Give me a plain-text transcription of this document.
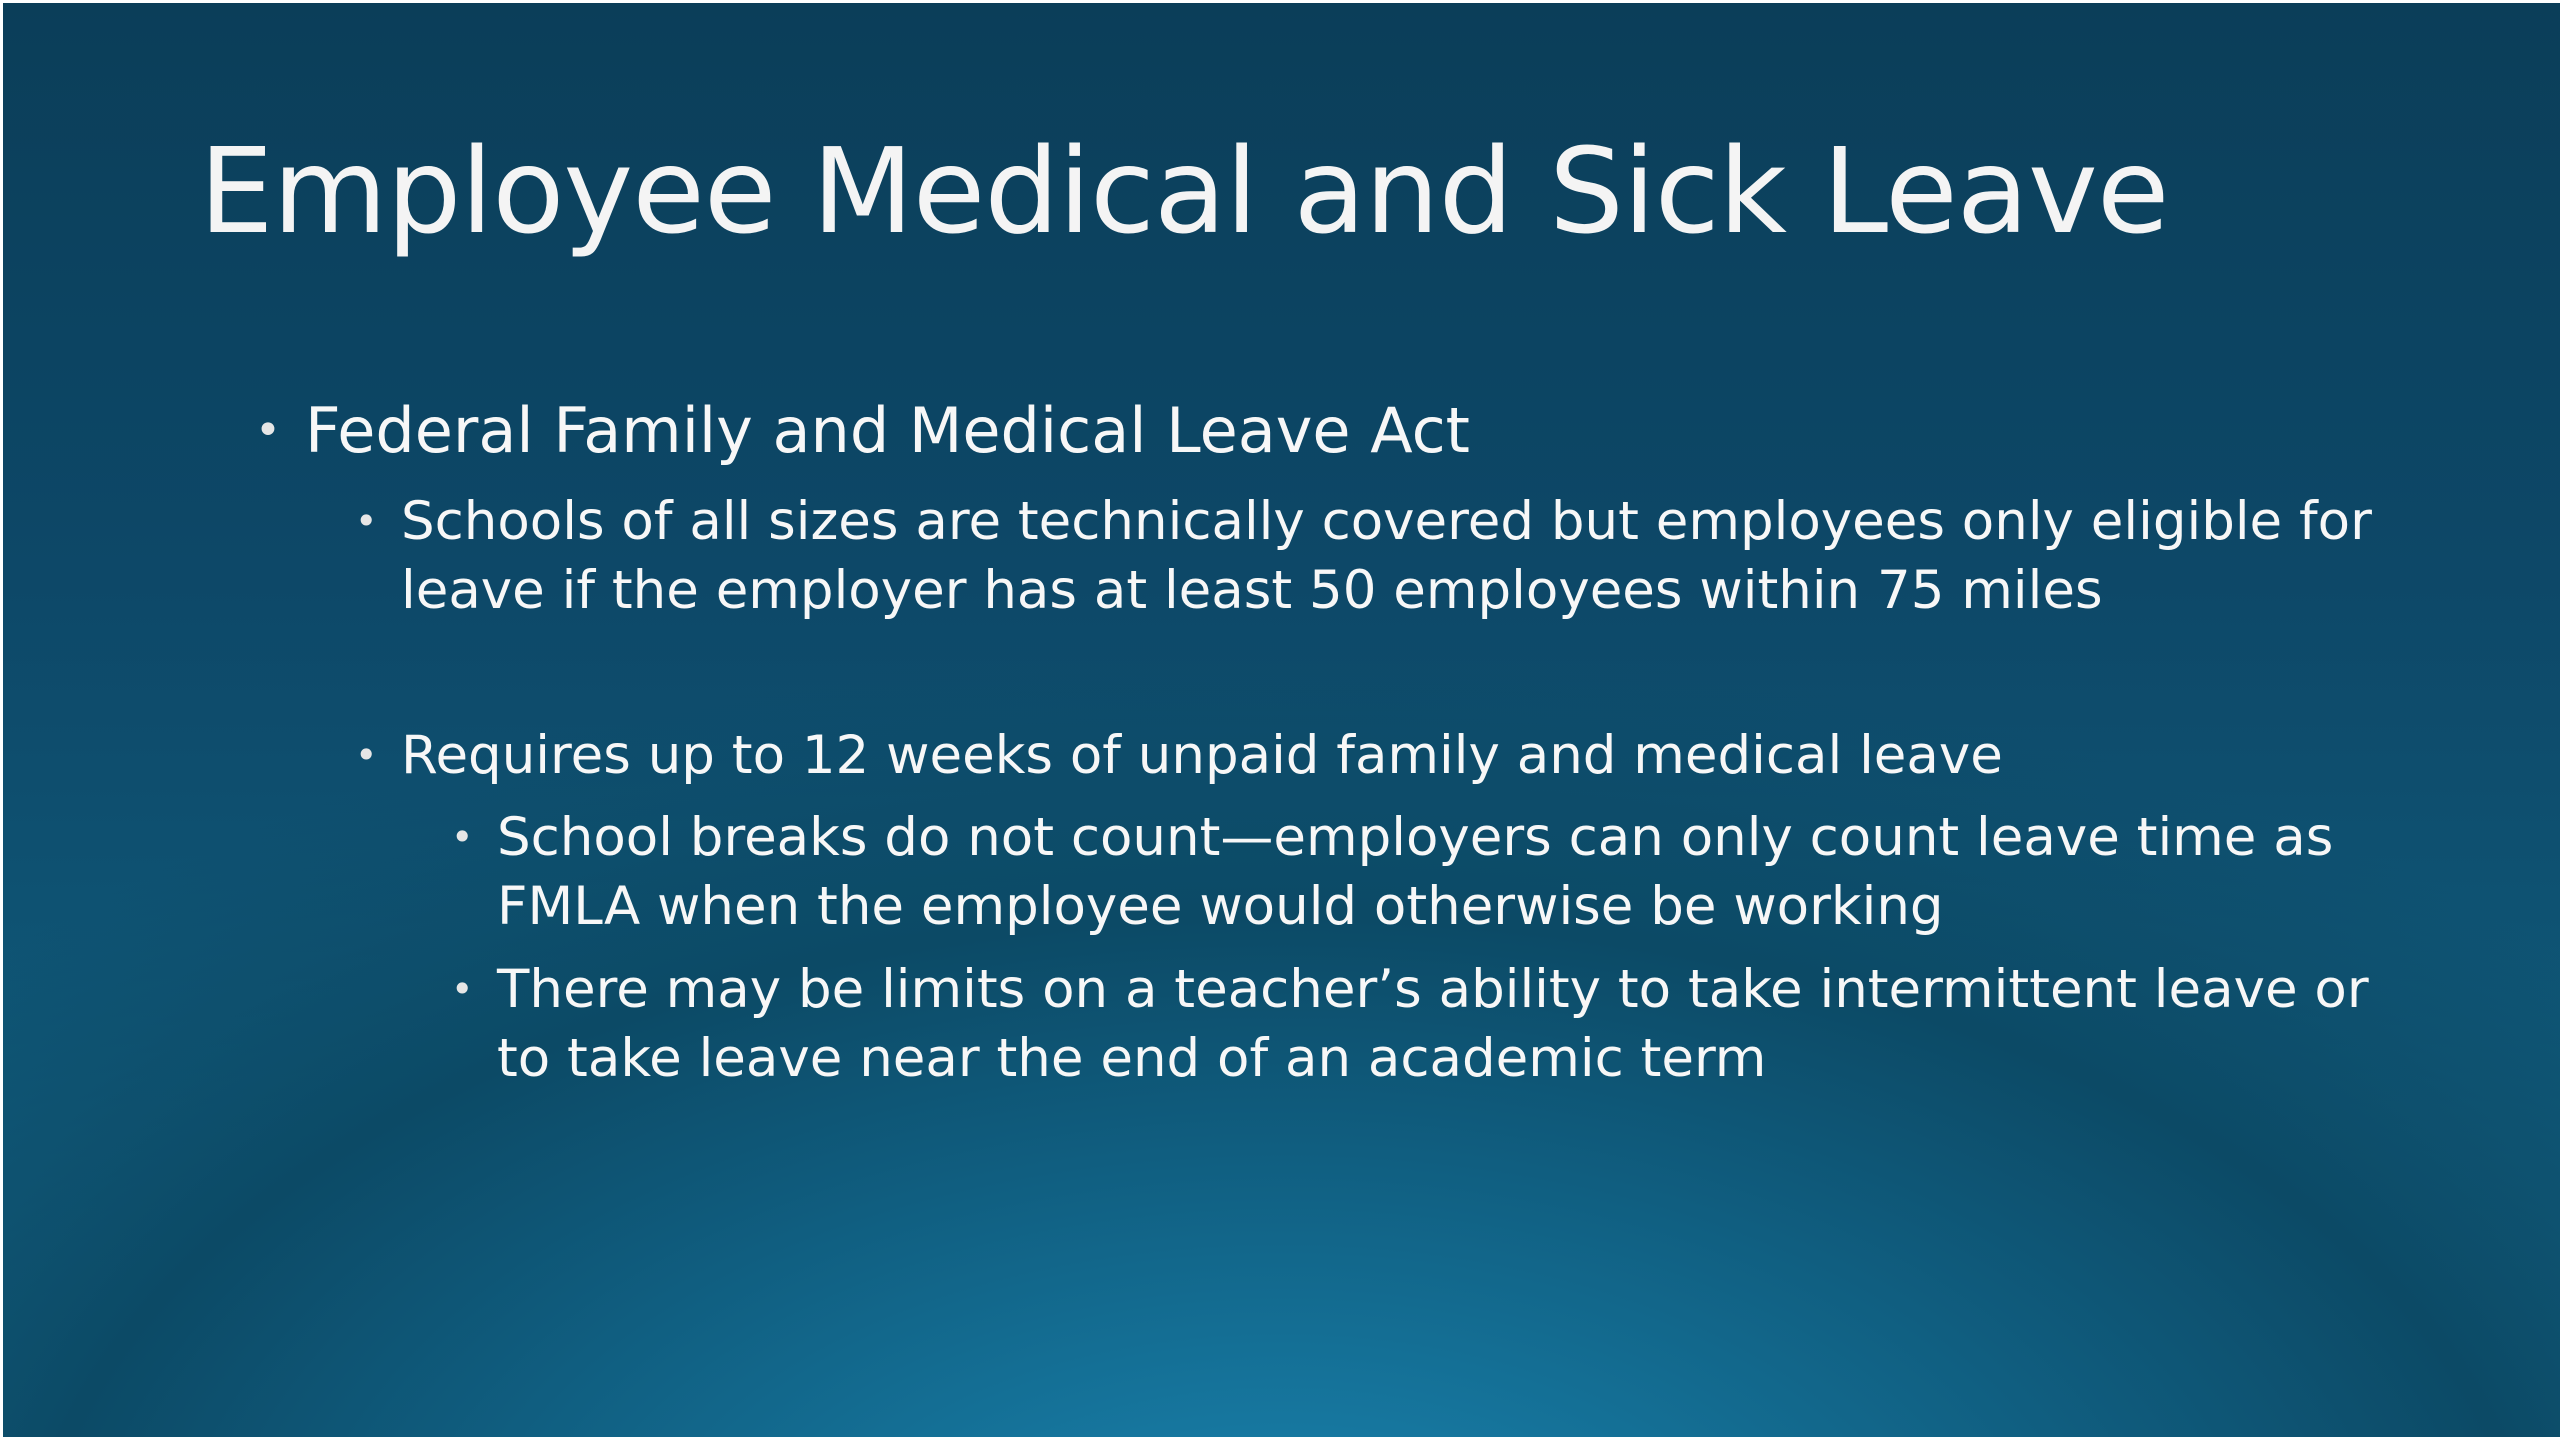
Employee Medical and Sick Leave
• Federal Family and Medical Leave Act
• Schools of all sizes are technically covered but employees only eligible for
leave if the employer has at least 50 employees within 75 miles
• Requires up to 12 weeks of unpaid family and medical leave
• School breaks do not count—employers can only count leave time as
FMLA when the employee would otherwise be working
• There may be limits on a teacher’s ability to take intermittent leave or
to take leave near the end of an academic term
